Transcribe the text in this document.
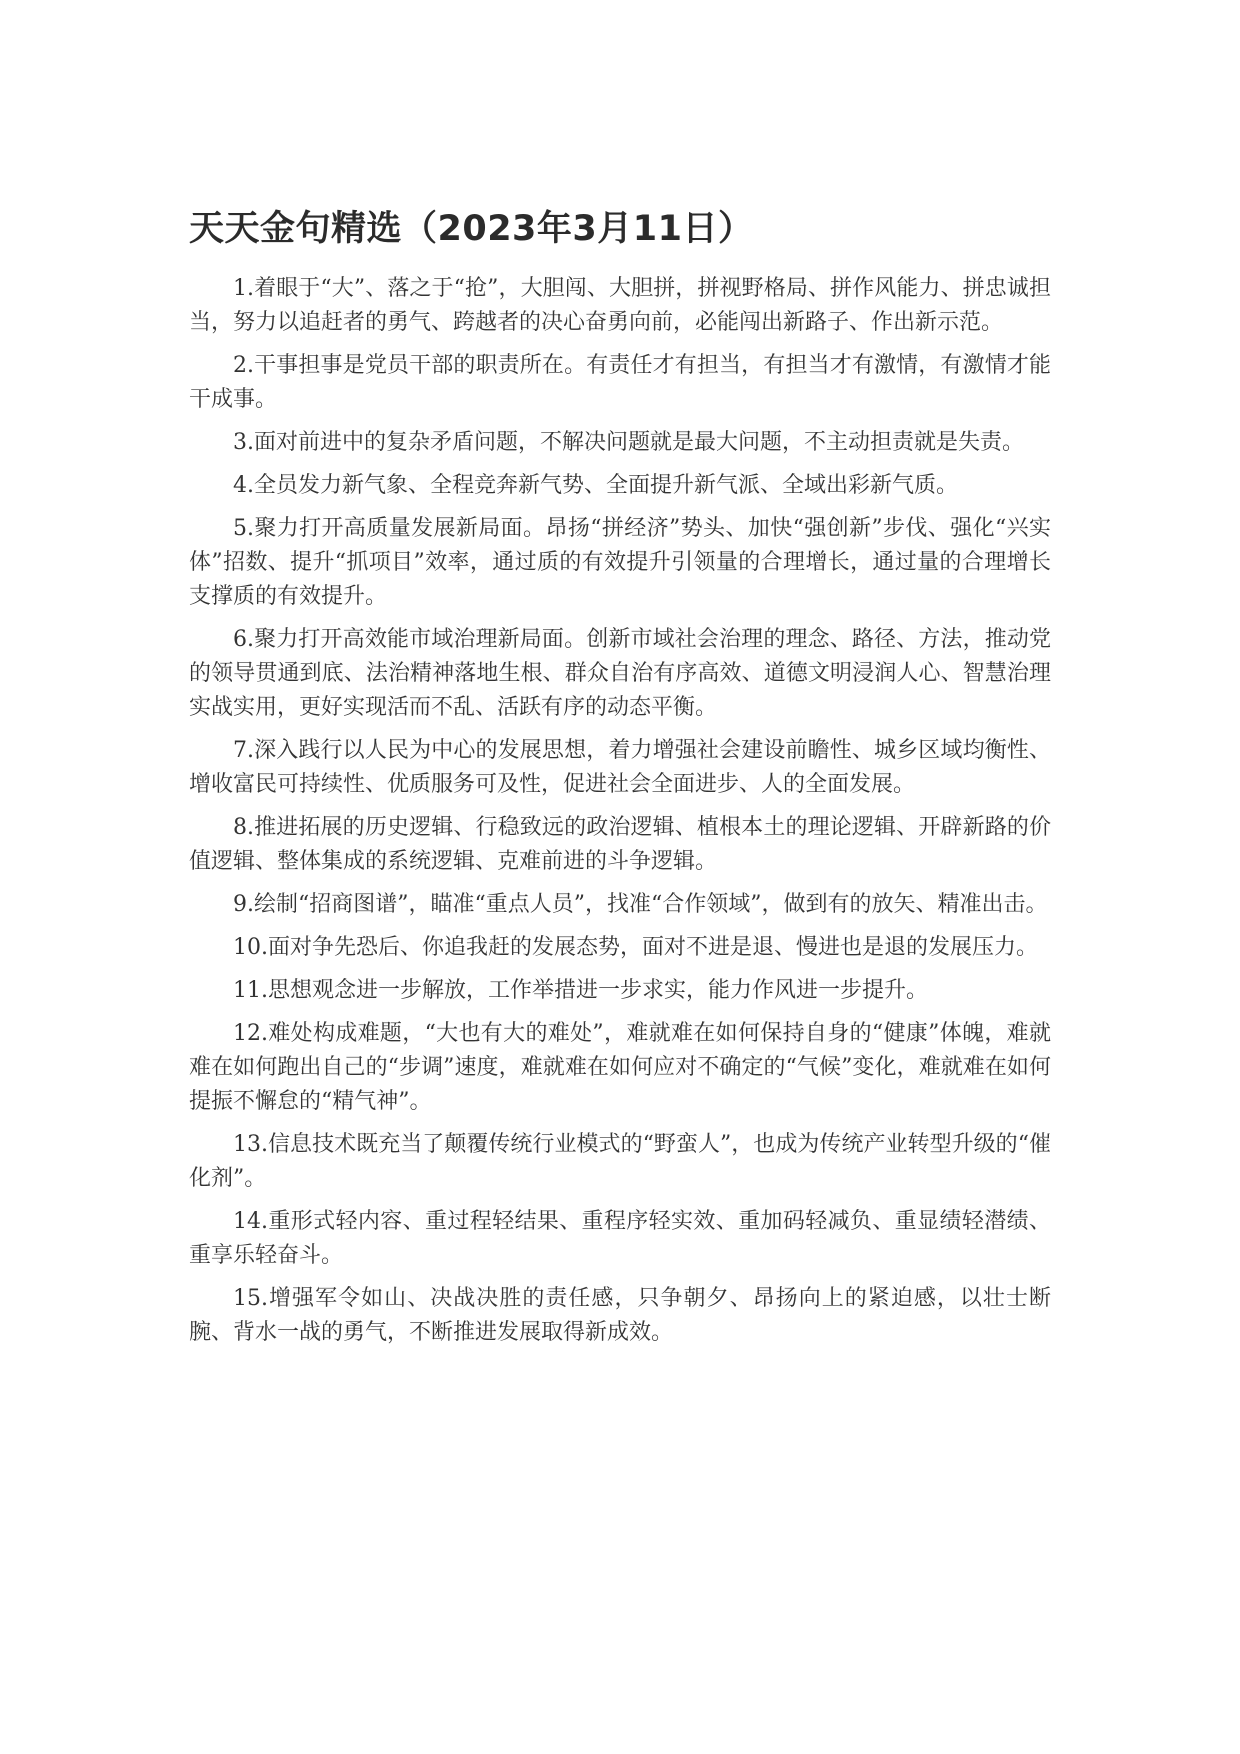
天天金句精选（2023年3月11日）

1.着眼于“大”、落之于“抢”，大胆闯、大胆拼，拼视野格局、拼作风能力、拼忠诚担当，努力以追赶者的勇气、跨越者的决心奋勇向前，必能闯出新路子、作出新示范。

2.干事担事是党员干部的职责所在。有责任才有担当，有担当才有激情，有激情才能干成事。

3.面对前进中的复杂矛盾问题，不解决问题就是最大问题，不主动担责就是失责。

4.全员发力新气象、全程竞奔新气势、全面提升新气派、全域出彩新气质。

5.聚力打开高质量发展新局面。昂扬“拼经济”势头、加快“强创新”步伐、强化“兴实体”招数、提升“抓项目”效率，通过质的有效提升引领量的合理增长，通过量的合理增长支撑质的有效提升。

6.聚力打开高效能市域治理新局面。创新市域社会治理的理念、路径、方法，推动党的领导贯通到底、法治精神落地生根、群众自治有序高效、道德文明浸润人心、智慧治理实战实用，更好实现活而不乱、活跃有序的动态平衡。

7.深入践行以人民为中心的发展思想，着力增强社会建设前瞻性、城乡区域均衡性、增收富民可持续性、优质服务可及性，促进社会全面进步、人的全面发展。

8.推进拓展的历史逻辑、行稳致远的政治逻辑、植根本土的理论逻辑、开辟新路的价值逻辑、整体集成的系统逻辑、克难前进的斗争逻辑。

9.绘制“招商图谱”，瞄准“重点人员”，找准“合作领域”，做到有的放矢、精准出击。

10.面对争先恐后、你追我赶的发展态势，面对不进是退、慢进也是退的发展压力。

11.思想观念进一步解放，工作举措进一步求实，能力作风进一步提升。

12.难处构成难题，“大也有大的难处”，难就难在如何保持自身的“健康”体魄，难就难在如何跑出自己的“步调”速度，难就难在如何应对不确定的“气候”变化，难就难在如何提振不懈怠的“精气神”。

13.信息技术既充当了颠覆传统行业模式的“野蛮人”，也成为传统产业转型升级的“催化剂”。

14.重形式轻内容、重过程轻结果、重程序轻实效、重加码轻减负、重显绩轻潜绩、重享乐轻奋斗。

15.增强军令如山、决战决胜的责任感，只争朝夕、昂扬向上的紧迫感，以壮士断腕、背水一战的勇气，不断推进发展取得新成效。
